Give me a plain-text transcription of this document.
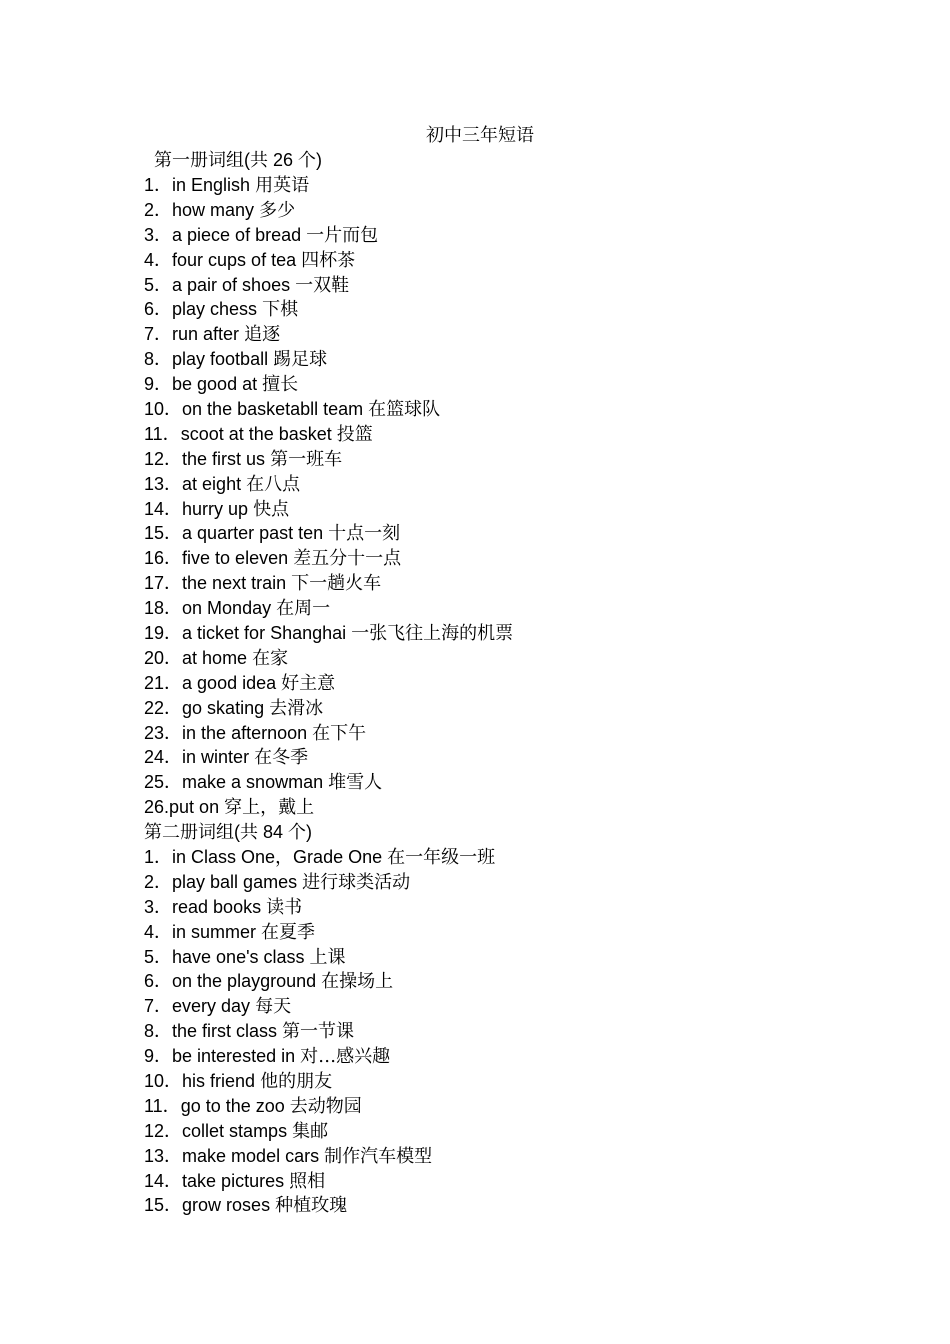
初中三年短语
第一册词组(共 26 个)
1．in English 用英语
2．how many 多少
3．a piece of bread 一片而包
4．four cups of tea 四杯茶
5．a pair of shoes 一双鞋
6．play chess 下棋
7．run after 追逐
8．play football 踢足球
9．be good at 擅长
10．on the basketabll team 在篮球队
11．scoot at the basket 投篮
12．the first us 第一班车
13．at eight 在八点
14．hurry up 快点
15．a quarter past ten 十点一刻
16．five to eleven 差五分十一点
17．the next train 下一趟火车
18．on Monday 在周一
19．a ticket for Shanghai 一张飞往上海的机票
20．at home 在家
21．a good idea 好主意
22．go skating 去滑冰
23．in the afternoon 在下午
24．in winter 在冬季
25．make a snowman 堆雪人
26.put on 穿上，戴上
第二册词组(共 84 个)
1．in Class One，Grade One 在一年级一班
2．play ball games 进行球类活动
3．read books 读书
4．in summer 在夏季
5．have one's class 上课
6．on the playground 在操场上
7．every day 每天
8．the first class 第一节课
9．be interested in 对…感兴趣
10．his friend 他的朋友
11．go to the zoo 去动物园
12．collet stamps 集邮
13．make model cars 制作汽车模型
14．take pictures 照相
15．grow roses 种植玫瑰
